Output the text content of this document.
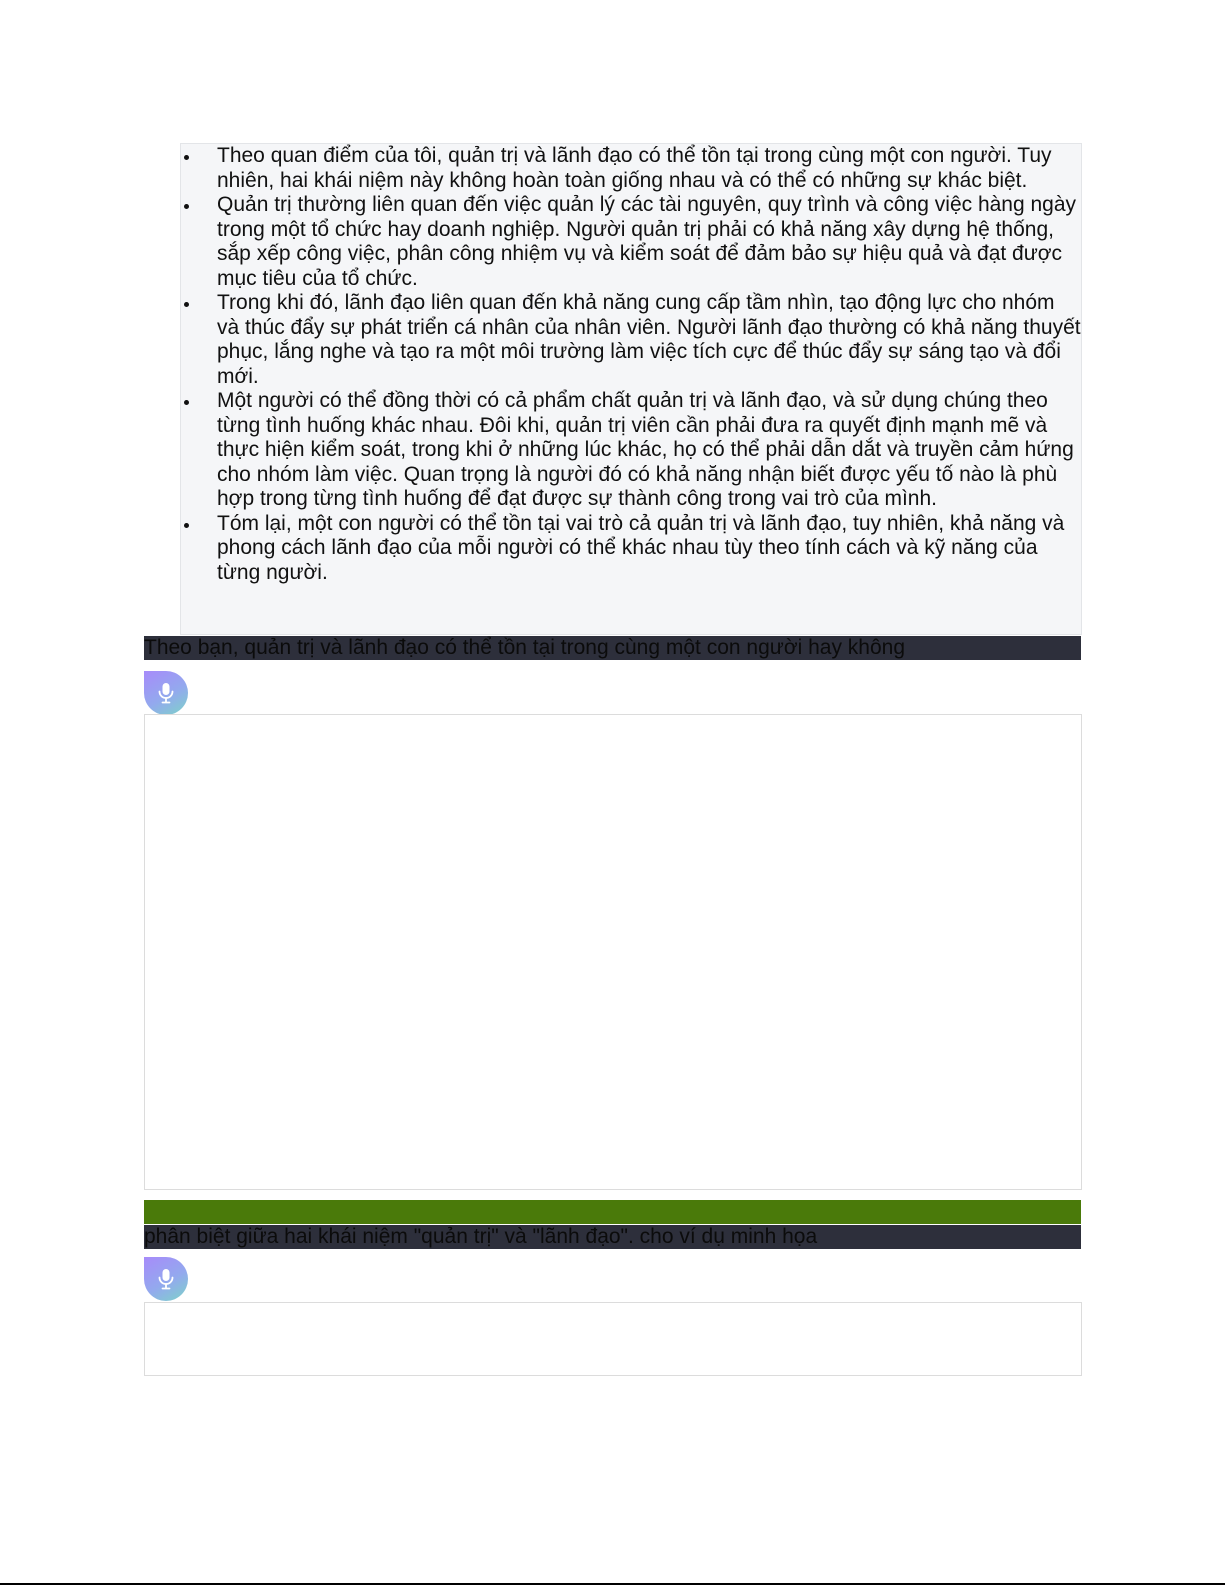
Theo quan điểm của tôi, quản trị và lãnh đạo có thể tồn tại trong cùng một con người. Tuy nhiên, hai khái niệm này không hoàn toàn giống nhau và có thể có những sự khác biệt.
Quản trị thường liên quan đến việc quản lý các tài nguyên, quy trình và công việc hàng ngày trong một tổ chức hay doanh nghiệp. Người quản trị phải có khả năng xây dựng hệ thống, sắp xếp công việc, phân công nhiệm vụ và kiểm soát để đảm bảo sự hiệu quả và đạt được mục tiêu của tổ chức.
Trong khi đó, lãnh đạo liên quan đến khả năng cung cấp tầm nhìn, tạo động lực cho nhóm và thúc đẩy sự phát triển cá nhân của nhân viên. Người lãnh đạo thường có khả năng thuyết phục, lắng nghe và tạo ra một môi trường làm việc tích cực để thúc đẩy sự sáng tạo và đổi mới.
Một người có thể đồng thời có cả phẩm chất quản trị và lãnh đạo, và sử dụng chúng theo từng tình huống khác nhau. Đôi khi, quản trị viên cần phải đưa ra quyết định mạnh mẽ và thực hiện kiểm soát, trong khi ở những lúc khác, họ có thể phải dẫn dắt và truyền cảm hứng cho nhóm làm việc. Quan trọng là người đó có khả năng nhận biết được yếu tố nào là phù hợp trong từng tình huống để đạt được sự thành công trong vai trò của mình.
Tóm lại, một con người có thể tồn tại vai trò cả quản trị và lãnh đạo, tuy nhiên, khả năng và phong cách lãnh đạo của mỗi người có thể khác nhau tùy theo tính cách và kỹ năng của từng người.
Theo bạn, quản trị và lãnh đạo có thể tồn tại trong cùng một con người hay không
phân biệt giữa hai khái niệm "quản trị" và "lãnh đạo". cho ví dụ minh họa
